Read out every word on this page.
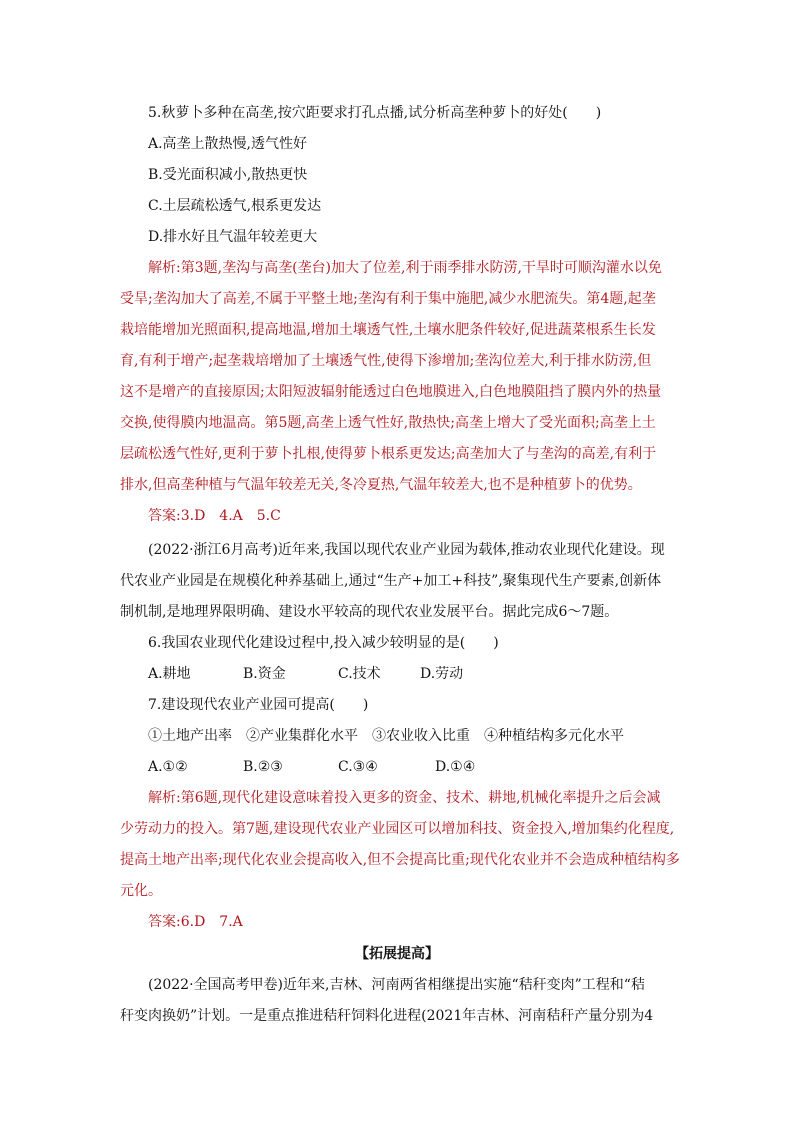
5.秋萝卜多种在高垄,按穴距要求打孔点播,试分析高垄种萝卜的好处(　　)
A.高垄上散热慢,透气性好
B.受光面积减小,散热更快
C.土层疏松透气,根系更发达
D.排水好且气温年较差更大
解析:第3题,垄沟与高垄(垄台)加大了位差,利于雨季排水防涝,干旱时可顺沟灌水以免
受旱;垄沟加大了高差,不属于平整土地;垄沟有利于集中施肥,减少水肥流失。第4题,起垄
栽培能增加光照面积,提高地温,增加土壤透气性,土壤水肥条件较好,促进蔬菜根系生长发
育,有利于增产;起垄栽培增加了土壤透气性,使得下渗增加;垄沟位差大,利于排水防涝,但
这不是增产的直接原因;太阳短波辐射能透过白色地膜进入,白色地膜阻挡了膜内外的热量
交换,使得膜内地温高。第5题,高垄上透气性好,散热快;高垄上增大了受光面积;高垄上土
层疏松透气性好,更利于萝卜扎根,使得萝卜根系更发达;高垄加大了与垄沟的高差,有利于
排水,但高垄种植与气温年较差无关,冬冷夏热,气温年较差大,也不是种植萝卜的优势。
答案:3.D　4.A　5.C
(2022·浙江6月高考)近年来,我国以现代农业产业园为载体,推动农业现代化建设。现
代农业产业园是在规模化种养基础上,通过“生产+加工+科技”,聚集现代生产要素,创新体
制机制,是地理界限明确、建设水平较高的现代农业发展平台。据此完成6～7题。
6.我国农业现代化建设过程中,投入减少较明显的是(　　)
A.耕地	B.资金	C.技术	D.劳动
7.建设现代农业产业园可提高(　　)
①土地产出率　②产业集群化水平　③农业收入比重　④种植结构多元化水平
A.①②	B.②③	C.③④	D.①④
解析:第6题,现代化建设意味着投入更多的资金、技术、耕地,机械化率提升之后会减
少劳动力的投入。第7题,建设现代农业产业园区可以增加科技、资金投入,增加集约化程度,
提高土地产出率;现代化农业会提高收入,但不会提高比重;现代化农业并不会造成种植结构多
元化。
答案:6.D　7.A
【拓展提高】
(2022·全国高考甲卷)近年来,吉林、河南两省相继提出实施“秸秆变肉”工程和“秸
秆变肉换奶”计划。一是重点推进秸秆饲料化进程(2021年吉林、河南秸秆产量分别为4
